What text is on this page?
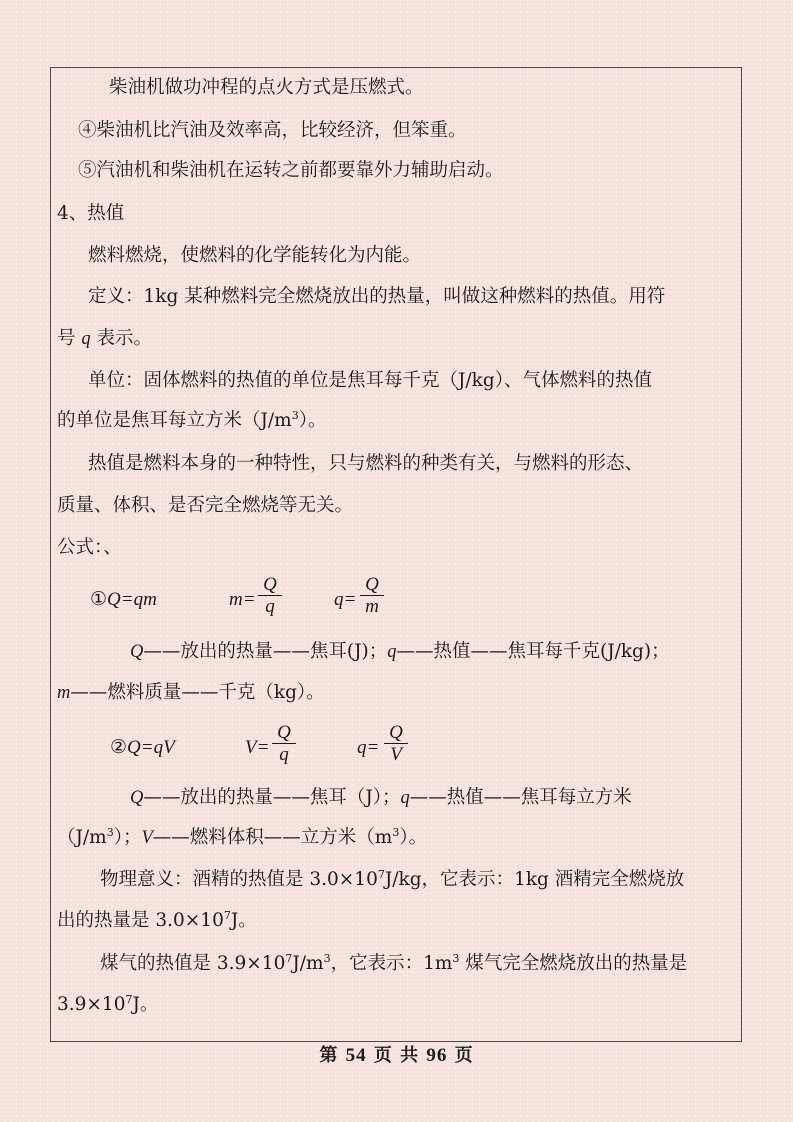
柴油机做功冲程的点火方式是压燃式。

④柴油机比汽油及效率高，比较经济，但笨重。

⑤汽油机和柴油机在运转之前都要靠外力辅助启动。

4、热值

燃料燃烧，使燃料的化学能转化为内能。

定义：1kg 某种燃料完全燃烧放出的热量，叫做这种燃料的热值。用符

号 q 表示。

单位：固体燃料的热值的单位是焦耳每千克（J/kg）、气体燃料的热值

的单位是焦耳每立方米$(J/m^3)$。

热值是燃料本身的一种特性，只与燃料的种类有关，与燃料的形态、

质量、体积、是否完全燃烧等无关。

公式：、

①Q=qm	$m= \frac{Q}{q}$	$q= \frac{Q}{m}$

Q——放出的热量——焦耳(J)；q——热值——焦耳每千克(J/kg)；

m——燃料质量——千克（kg）。

②Q=qV	$V= \frac{Q}{q}$	$q= \frac{Q}{V}$

Q——放出的热量——焦耳（J）；q——热值——焦耳每立方米

$(J/m^3)$；V——燃料体积——立方米$(m^3)$。

物理意义：酒精的热值是 $3.0\times 10^7J/kg$，它表示：1kg 酒精完全燃烧放

出的热量是 $3.0\times 10^7J$。

煤气的热值是 $3.9\times 10^7J/m^3$，它表示：$1m^3$ 煤气完全燃烧放出的热量是

$3.9\times 10^7J$。

第 54 页 共 96 页
